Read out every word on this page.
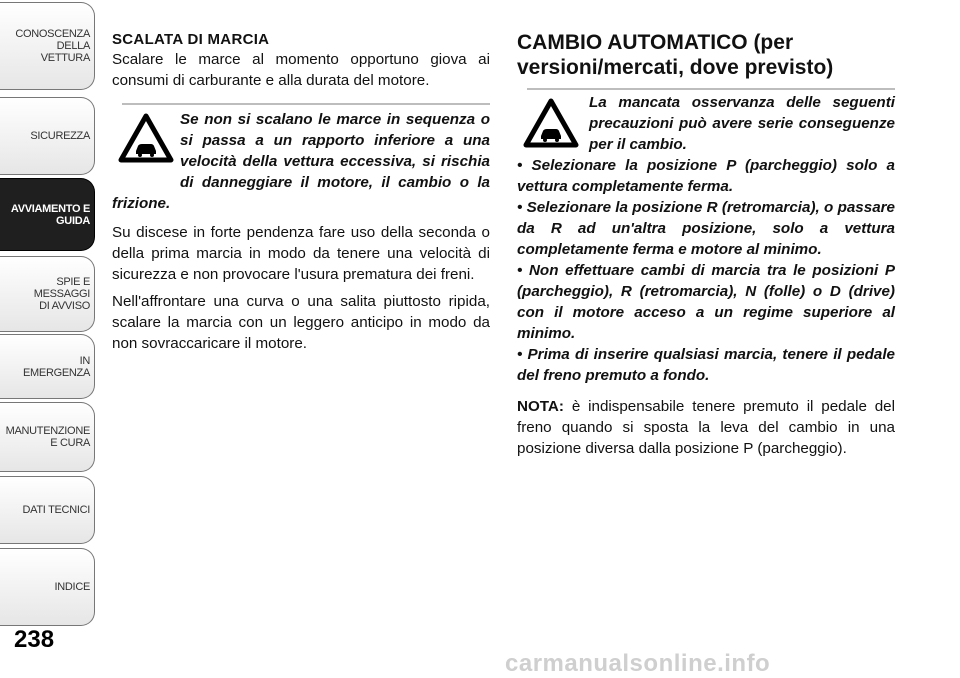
CONOSCENZA DELLA
VETTURA
SICUREZZA
AVVIAMENTO E
GUIDA
SPIE E
MESSAGGI
DI AVVISO
IN
EMERGENZA
MANUTENZIONE
E CURA
DATI TECNICI
INDICE
238
SCALATA DI MARCIA

Scalare le marce al momento opportuno giova ai consumi di carburante e alla durata del motore.

Se non si scalano le marce in sequenza o si passa a un rapporto inferiore a una velocità della vettura eccessiva, si rischia di danneggiare il motore, il cambio o la frizione.

Su discese in forte pendenza fare uso della seconda o della prima marcia in modo da tenere una velocità di sicurezza e non provocare l'usura prematura dei freni.

Nell'affrontare una curva o una salita piuttosto ripida, scalare la marcia con un leggero anticipo in modo da non sovraccaricare il motore.

CAMBIO AUTOMATICO (per versioni/mercati, dove previsto)

La mancata osservanza delle seguenti precauzioni può avere serie conseguenze per il cambio.

• Selezionare la posizione P (parcheggio) solo a vettura completamente ferma.

• Selezionare la posizione R (retromarcia), o passare da R ad un'altra posizione, solo a vettura completamente ferma e motore al minimo.

• Non effettuare cambi di marcia tra le posizioni P (parcheggio), R (retromarcia), N (folle) o D (drive) con il motore acceso a un regime superiore al minimo.

• Prima di inserire qualsiasi marcia, tenere il pedale del freno premuto a fondo.

NOTA: è indispensabile tenere premuto il pedale del freno quando si sposta la leva del cambio in una posizione diversa dalla posizione P (parcheggio).

carmanualsonline.info
